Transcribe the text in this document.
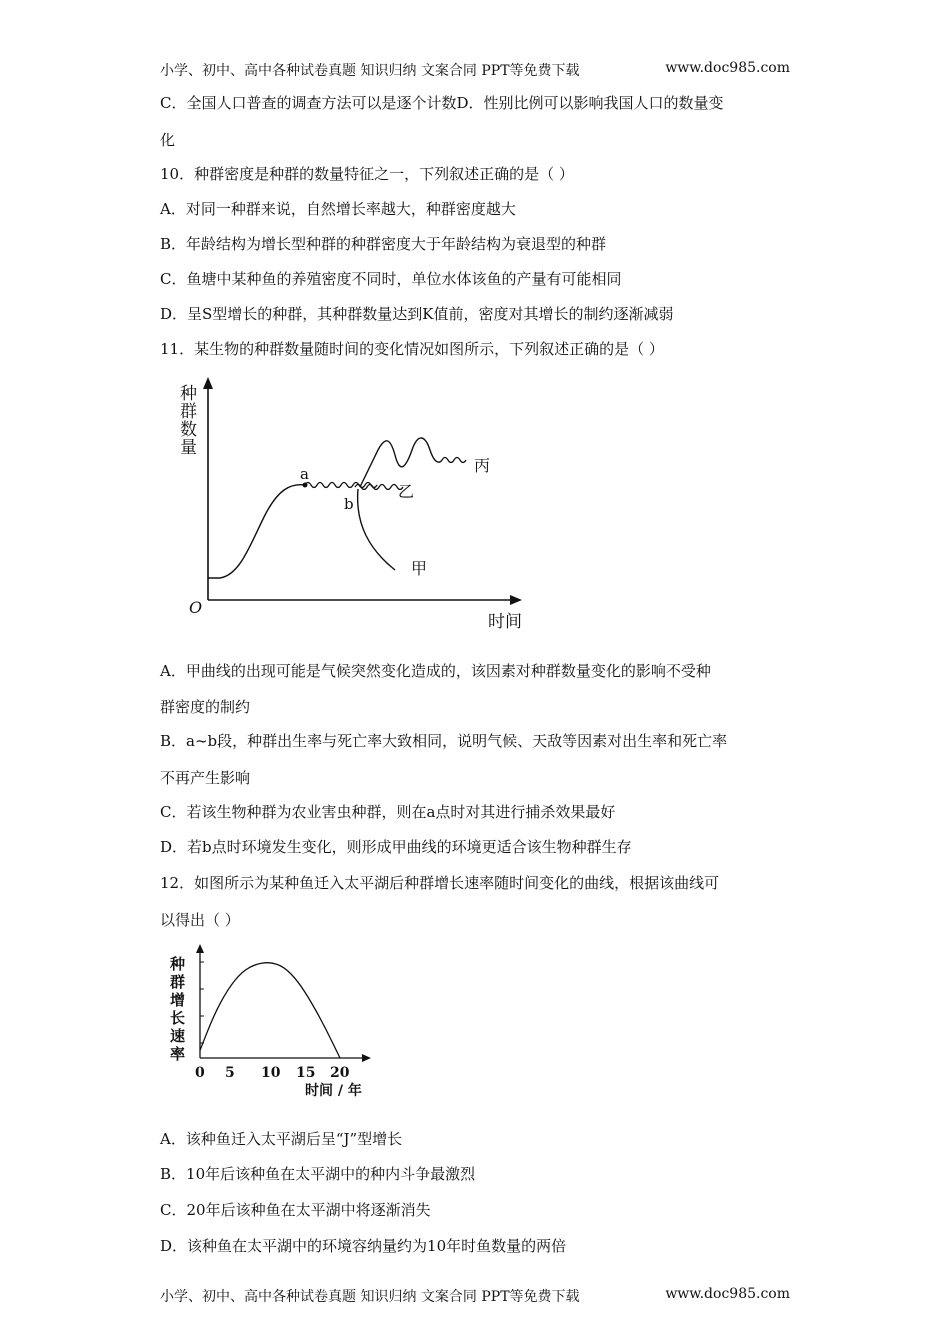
小学、初中、高中各种试卷真题 知识归纳 文案合同 PPT等免费下载	www.doc985.com
C．全国人口普查的调查方法可以是逐个计数D．性别比例可以影响我国人口的数量变
化
10．种群密度是种群的数量特征之一，下列叙述正确的是（ ）
A．对同一种群来说，自然增长率越大，种群密度越大
B．年龄结构为增长型种群的种群密度大于年龄结构为衰退型的种群
C．鱼塘中某种鱼的养殖密度不同时，单位水体该鱼的产量有可能相同
D．呈S型增长的种群，其种群数量达到K值前，密度对其增长的制约逐渐减弱
11．某生物的种群数量随时间的变化情况如图所示，下列叙述正确的是（ ）
种
群
数
量
O
时间
a
b
乙
丙
甲
A．甲曲线的出现可能是气候突然变化造成的，该因素对种群数量变化的影响不受种
群密度的制约
B．a~b段，种群出生率与死亡率大致相同，说明气候、天敌等因素对出生率和死亡率
不再产生影响
C．若该生物种群为农业害虫种群，则在a点时对其进行捕杀效果最好
D．若b点时环境发生变化，则形成甲曲线的环境更适合该生物种群生存
12．如图所示为某种鱼迁入太平湖后种群增长速率随时间变化的曲线，根据该曲线可
以得出（ ）
种
群
增
长
速
率
0 5 10 15 20
时间 / 年
A．该种鱼迁入太平湖后呈“J”型增长
B．10年后该种鱼在太平湖中的种内斗争最激烈
C．20年后该种鱼在太平湖中将逐渐消失
D．该种鱼在太平湖中的环境容纳量约为10年时鱼数量的两倍
小学、初中、高中各种试卷真题 知识归纳 文案合同 PPT等免费下载	www.doc985.com
